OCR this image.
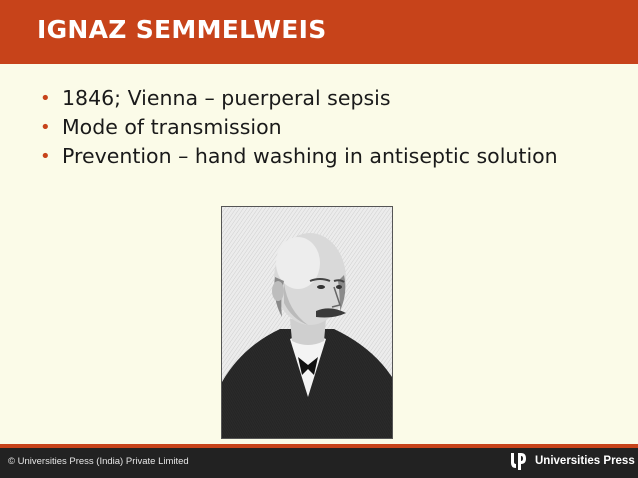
IGNAZ SEMMELWEIS
• 1846; Vienna – puerperal sepsis
• Mode of transmission
• Prevention – hand washing in antiseptic solution
© Universities Press (India) Private Limited	Universities Press
